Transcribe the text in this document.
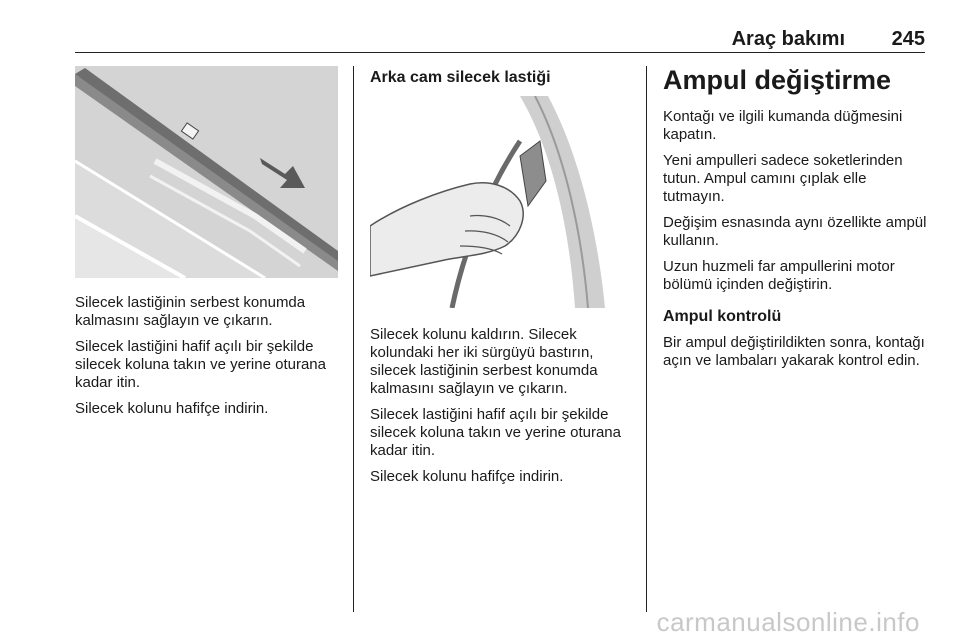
Araç bakımı 245

Silecek lastiğinin serbest konumda kalmasını sağlayın ve çıkarın.

Silecek lastiğini hafif açılı bir şekilde silecek koluna takın ve yerine oturana kadar itin.

Silecek kolunu hafifçe indirin.

Arka cam silecek lastiği

Silecek kolunu kaldırın. Silecek kolundaki her iki sürgüyü bastırın, silecek lastiğinin serbest konumda kalmasını sağlayın ve çıkarın.

Silecek lastiğini hafif açılı bir şekilde silecek koluna takın ve yerine oturana kadar itin.

Silecek kolunu hafifçe indirin.

Ampul değiştirme

Kontağı ve ilgili kumanda düğmesini kapatın.

Yeni ampulleri sadece soketlerinden tutun. Ampul camını çıplak elle tutmayın.

Değişim esnasında aynı özellikte ampül kullanın.

Uzun huzmeli far ampullerini motor bölümü içinden değiştirin.

Ampul kontrolü

Bir ampul değiştirildikten sonra, kontağı açın ve lambaları yakarak kontrol edin.

carmanualsonline.info
